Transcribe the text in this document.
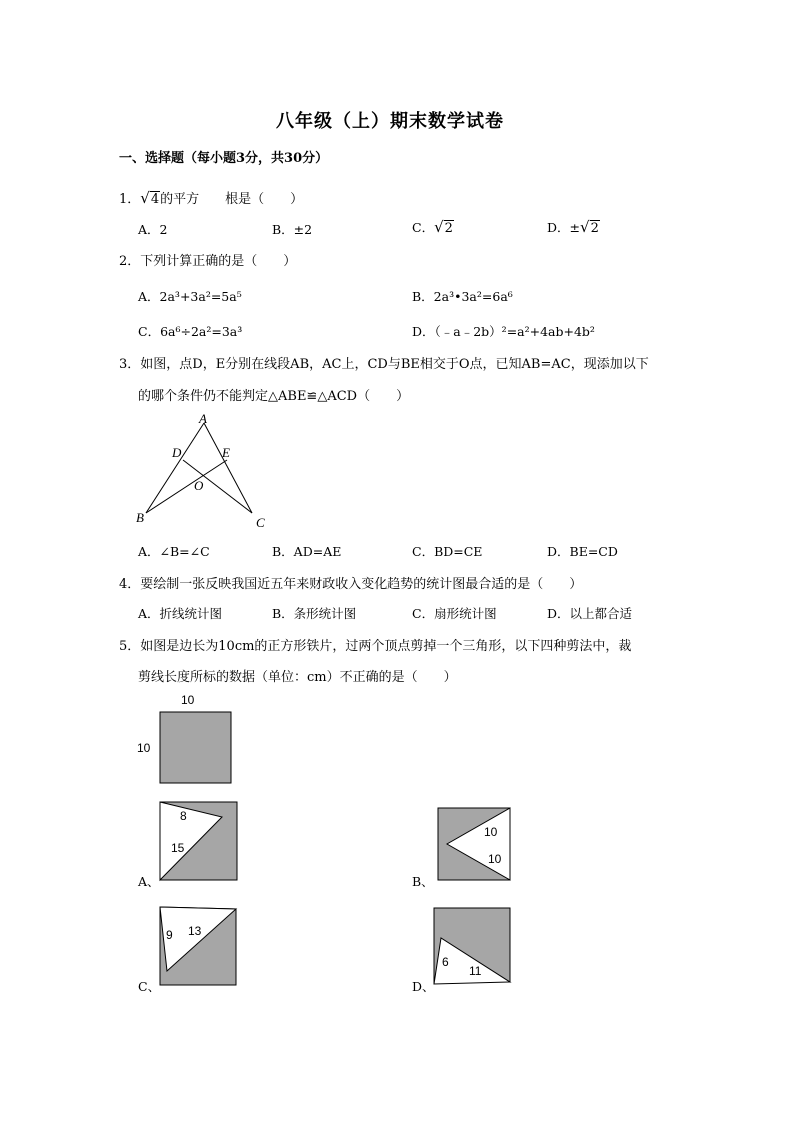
八年级（上）期末数学试卷
一、选择题（每小题3分，共30分）
1．√4的平方 根是（　　）
A．2	B．±2	C．√2	D．±√2
2．下列计算正确的是（　　）
A．2a³+3a²=5a⁵	B．2a³•3a²=6a⁶
C．6a⁶÷2a²=3a³	D．（﹣a﹣2b）²=a²+4ab+4b²
3．如图，点D，E分别在线段AB，AC上，CD与BE相交于O点，已知AB=AC，现添加以下
的哪个条件仍不能判定△ABE≌△ACD（　　）
A
D	E
O
B	C
A．∠B=∠C	B．AD=AE	C．BD=CE	D．BE=CD
4．要绘制一张反映我国近五年来财政收入变化趋势的统计图最合适的是（　　）
A．折线统计图	B．条形统计图	C．扇形统计图	D．以上都合适
5．如图是边长为10cm的正方形铁片，过两个顶点剪掉一个三角形，以下四种剪法中，裁
剪线长度所标的数据（单位：cm）不正确的是（　　）
10
10
8
15
A、
10
10
B、
9 13
C、
6
11
D、
